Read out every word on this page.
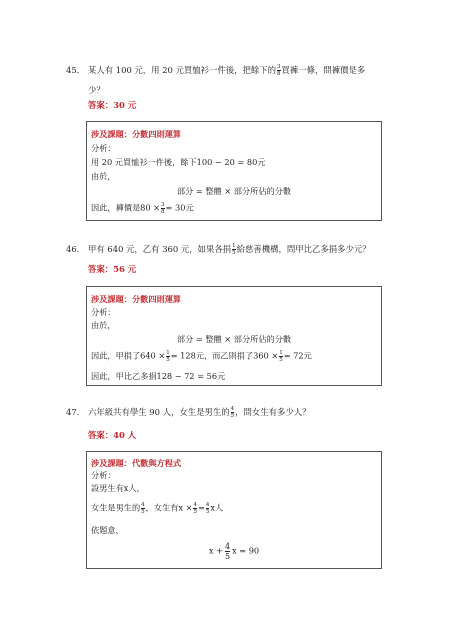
45. 某人有 100 元，用 20 元買恤衫一件後，把餘下的 $\frac{3}{8}$ 買褲一條，問褲價是多
少？
答案：30 元
涉及課題：分數四則運算
分析：
用 20 元買恤衫一件後，餘下100 − 20 = 80元
由於，
部分 = 整體 × 部分所佔的分數
因此，褲價是$80 \times \frac{3}{8} = 30$元
46. 甲有 640 元，乙有 360 元，如果各捐 $\frac{1}{5}$ 給慈善機構，問甲比乙多捐多少元？
答案：56 元
涉及課題：分數四則運算
分析：
由於，
部分 = 整體 × 部分所佔的分數
因此，甲捐了$640 \times \frac{1}{5} = 128$元，而乙則捐了$360 \times \frac{1}{5} = 72$元
因此，甲比乙多捐128 − 72 = 56元
47. 六年級共有學生 90 人，女生是男生的 $\frac{4}{5}$ ，問女生有多少人？
答案：40 人
涉及課題：代數與方程式
分析：
設男生有x人，
女生是男生的 $\frac{4}{5}$ ，女生有$x \times \frac{4}{5} = \frac{4}{5}$ x人
依題意，
$x + \frac{4}{5}$ x = 90
